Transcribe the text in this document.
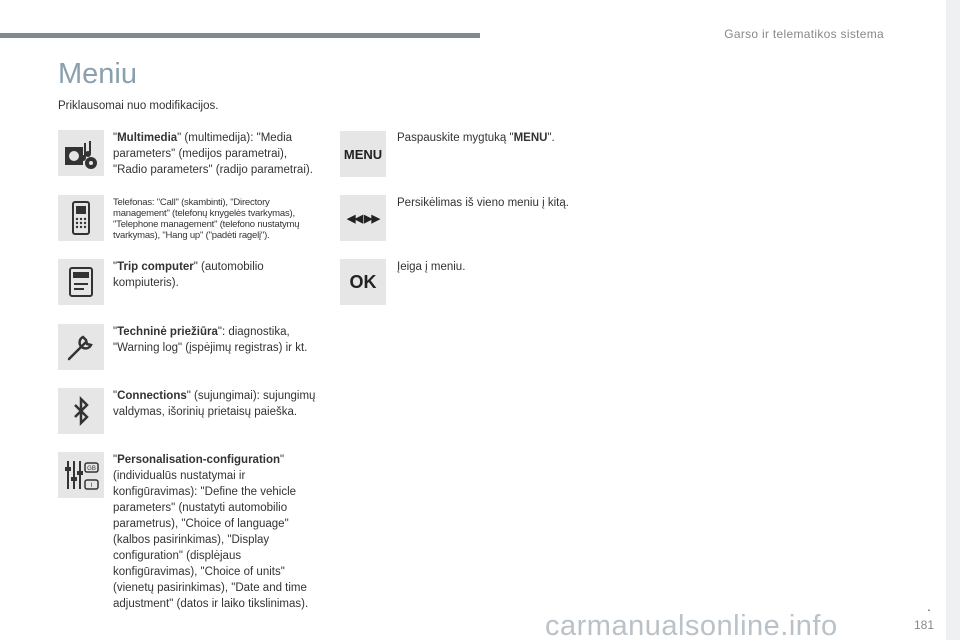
Garso ir telematikos sistema
Meniu
Priklausomai nuo modifikacijos.
"Multimedia" (multimedija): "Media parameters" (medijos parametrai), "Radio parameters" (radijo parametrai).
Telefonas: "Call" (skambinti), "Directory management" (telefonų knygelės tvarkymas), "Telephone management" (telefono nustatymų tvarkymas), "Hang up" ("padėti ragelį").
"Trip computer" (automobilio kompiuteris).
"Techninė priežiūra": diagnostika, "Warning log" (įspėjimų registras) ir kt.
"Connections" (sujungimai): sujungimų valdymas, išorinių prietaisų paieška.
GB
I
"Personalisation-configuration" (individualūs nustatymai ir konfigūravimas): "Define the vehicle parameters" (nustatyti automobilio parametrus), "Choice of language" (kalbos pasirinkimas), "Display configuration" (displėjaus konfigūravimas), "Choice of units" (vienetų pasirinkimas), "Date and time adjustment" (datos ir laiko tikslinimas).
MENU
Paspauskite mygtuką "MENU".
◀◀ ▶▶
Persikėlimas iš vieno meniu į kitą.
OK
Įeiga į meniu.
carmanualsonline.info
.
181
